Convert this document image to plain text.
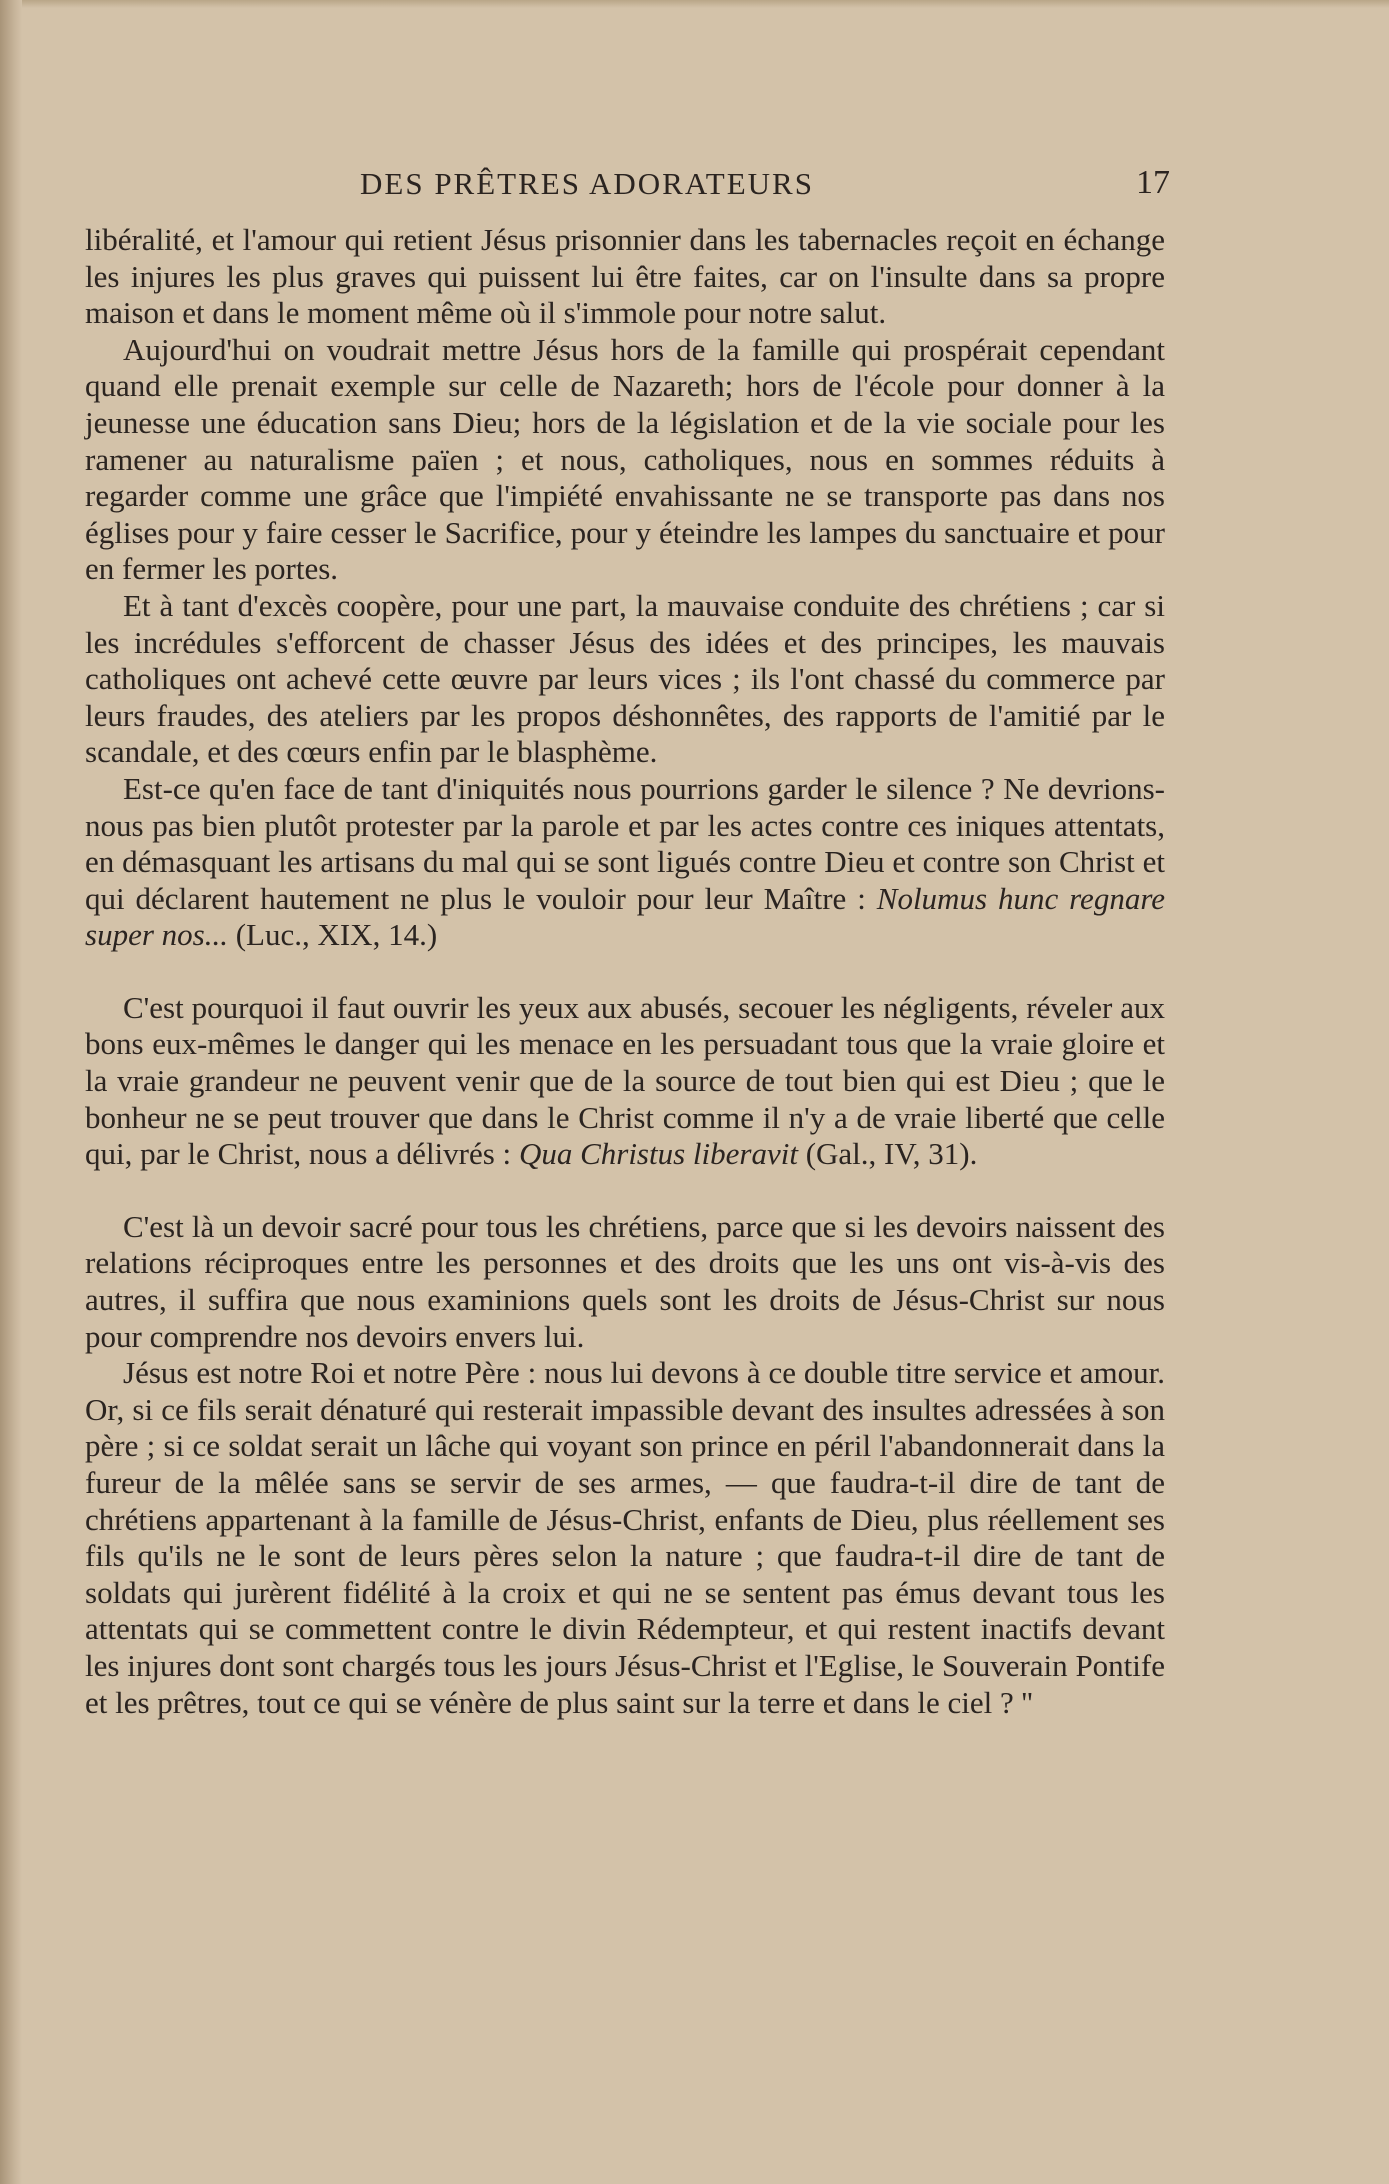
DES PRÊTRES ADORATEURS	17

libéralité, et l'amour qui retient Jésus prisonnier dans les tabernacles reçoit en échange les injures les plus graves qui puissent lui être faites, car on l'insulte dans sa propre maison et dans le moment même où il s'immole pour notre salut.

Aujourd'hui on voudrait mettre Jésus hors de la famille qui prospérait cependant quand elle prenait exemple sur celle de Nazareth; hors de l'école pour donner à la jeunesse une éducation sans Dieu; hors de la législation et de la vie sociale pour les ramener au naturalisme païen ; et nous, catholiques, nous en sommes réduits à regarder comme une grâce que l'impiété envahissante ne se transporte pas dans nos églises pour y faire cesser le Sacrifice, pour y éteindre les lampes du sanctuaire et pour en fermer les portes.

Et à tant d'excès coopère, pour une part, la mauvaise conduite des chrétiens ; car si les incrédules s'efforcent de chasser Jésus des idées et des principes, les mauvais catholiques ont achevé cette œuvre par leurs vices ; ils l'ont chassé du commerce par leurs fraudes, des ateliers par les propos déshonnêtes, des rapports de l'amitié par le scandale, et des cœurs enfin par le blasphème.

Est-ce qu'en face de tant d'iniquités nous pourrions garder le silence ? Ne devrions-nous pas bien plutôt protester par la parole et par les actes contre ces iniques attentats, en démasquant les artisans du mal qui se sont ligués contre Dieu et contre son Christ et qui déclarent hautement ne plus le vouloir pour leur Maître : Nolumus hunc regnare super nos... (Luc., XIX, 14.)

C'est pourquoi il faut ouvrir les yeux aux abusés, secouer les négligents, réveler aux bons eux-mêmes le danger qui les menace en les persuadant tous que la vraie gloire et la vraie grandeur ne peuvent venir que de la source de tout bien qui est Dieu ; que le bonheur ne se peut trouver que dans le Christ comme il n'y a de vraie liberté que celle qui, par le Christ, nous a délivrés : Qua Christus liberavit (Gal., IV, 31).

C'est là un devoir sacré pour tous les chrétiens, parce que si les devoirs naissent des relations réciproques entre les personnes et des droits que les uns ont vis-à-vis des autres, il suffira que nous examinions quels sont les droits de Jésus-Christ sur nous pour comprendre nos devoirs envers lui.

Jésus est notre Roi et notre Père : nous lui devons à ce double titre service et amour. Or, si ce fils serait dénaturé qui resterait impassible devant des insultes adressées à son père ; si ce soldat serait un lâche qui voyant son prince en péril l'abandonnerait dans la fureur de la mêlée sans se servir de ses armes, — que faudra-t-il dire de tant de chrétiens appartenant à la famille de Jésus-Christ, enfants de Dieu, plus réellement ses fils qu'ils ne le sont de leurs pères selon la nature ; que faudra-t-il dire de tant de soldats qui jurèrent fidélité à la croix et qui ne se sentent pas émus devant tous les attentats qui se commettent contre le divin Rédempteur, et qui restent inactifs devant les injures dont sont chargés tous les jours Jésus-Christ et l'Eglise, le Souverain Pontife et les prêtres, tout ce qui se vénère de plus saint sur la terre et dans le ciel ? ''
